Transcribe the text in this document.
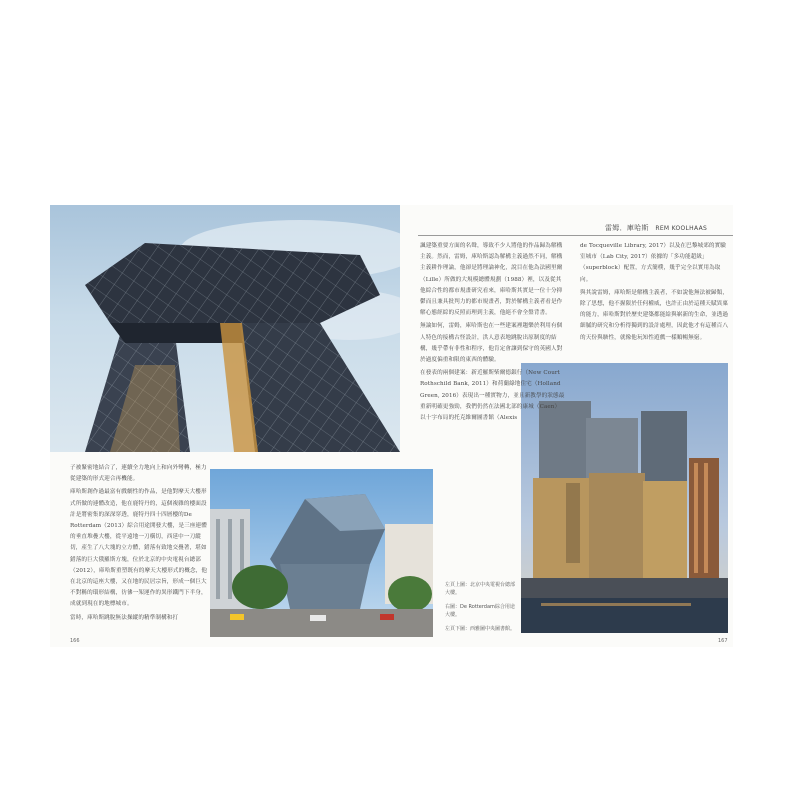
雷姆．庫哈斯 REM KOOLHAAS

諷建築重要方面的名聲，導致不少人將他的作品歸為解構主義。然而，雷姆，庫哈斯認為解構主義過然不同，解構主義耕作理論，他卻是將理論神化，說目在他為法國里爾（Lille）所做的大規模總體規劃（1988）裡，以及從其他綜合性的都市規畫研究看來，庫哈斯其實是一位十分抑鬱而且兼具批判力的都市規畫者，對於解構主義者看是作解心態經綜的反照而理到主義，他絕不會全盤背書。

無論如何，雷姆，庫哈斯也在一些建案裡趨樂於利用有個人特色的接構古怪設計，洪人意表地跳脫出原制度的結構，幾乎帶有非性和程序，他肯定會讓到保守的英國人對於過度偏重和限的東西的體驗。

在發表的兩個建案：新近羅斯柴爾德銀行（New Court Rothschild Bank, 2011）和荷蘭綠地住宅（Holland Green, 2016）表現出一種實物力，並且新教學的狀態最重新明確更強勁，我們仍然在法國北部的康城（Caen）以十字布局的托克維爾圖書館（Alexis

de Tocqueville Library, 2017）以及在巴黎城郊的實驗室城市（Lab City, 2017）依據的「多功能超級」（superblock）配置，方式簡樸，幾乎完全以實用為取向。

與其說雷姆，庫哈斯是解構主義者，不如說他無法被歸類，除了思想，他不握限於任何權威，也許正由於這種天賦異稟的能力，庫哈斯對於歷史建築都能給與嶄新的生命，並透過細膩的研究和分析得獨到的設計處理，因此他才有這種百八的天份與駭性，就像他玩知性遊戲一樣順暢無窮。

子被緊密地結合了，連續全力地向上和向外彎轉，極力從建築的形式迎合再機能。

庫哈斯創作過最富有戲劇性的作品，是他對摩天大樓形式所做的連體改造，他在鹿特丹的，這個複雜的樓面設計是將密集的深深穿透，鹿特丹四十四層樓的De Rotterdam（2013）綜合用途開發大樓，是三座連體的垂直堆疊大樓，從平遠地一刀橫切，西延中一刀縱切，產生了八大塊的立方體，錯落有致地交疊著，堪如錯落的巨大俄羅斯方塊，位於北京的中央電視台總部（2012），庫哈斯重塑既有的摩天大樓形式的概念，他在北京的這座大樓，又在地的民居宗旨，形成一個巨大不對稱的環形結構，彷彿一架運作的異形鐵門下半身，成就到現在的地標城市。

當時，庫哈斯跳脫無法操縱的精準制構和打

左頁上圖：北京中央電視台總部大樓。
右圖：De Rotterdam綜合用途大樓。
左頁下圖：西雅圖中央圖書館。
166	167
